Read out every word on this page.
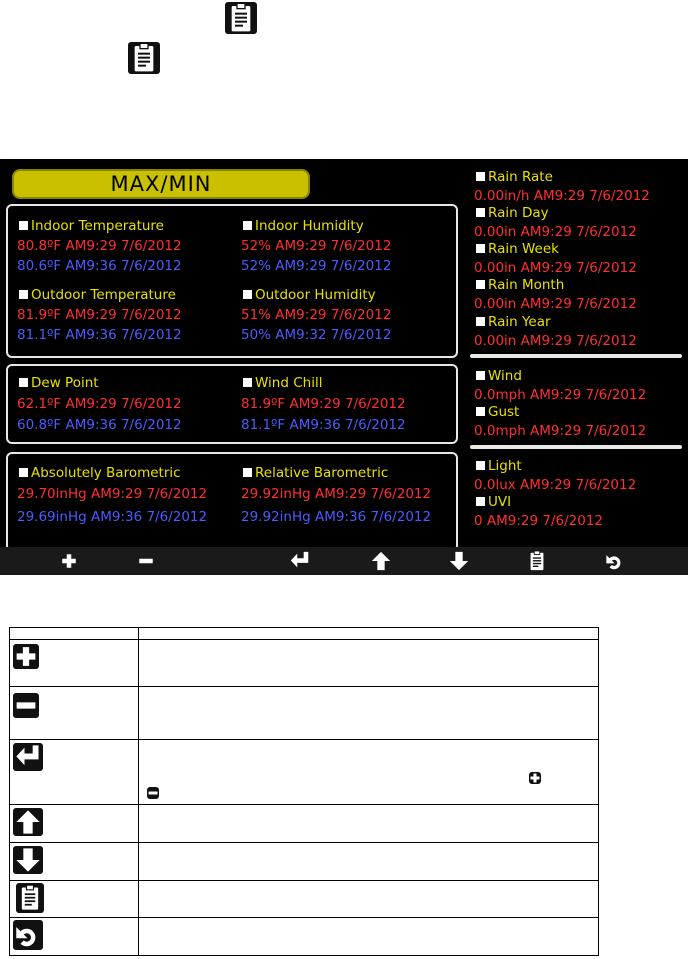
MAX/MIN
Indoor Temperature
80.8ºF AM9:29 7/6/2012
80.6ºF AM9:36 7/6/2012
Outdoor Temperature
81.9ºF AM9:29 7/6/2012
81.1ºF AM9:36 7/6/2012
Dew Point
62.1ºF AM9:29 7/6/2012
60.8ºF AM9:36 7/6/2012
Absolutely Barometric
29.70inHg AM9:29 7/6/2012
29.69inHg AM9:36 7/6/2012
Indoor Humidity
52% AM9:29 7/6/2012
52% AM9:29 7/6/2012
Outdoor Humidity
51% AM9:29 7/6/2012
50% AM9:32 7/6/2012
Wind Chill
81.9ºF AM9:29 7/6/2012
81.1ºF AM9:36 7/6/2012
Relative Barometric
29.92inHg AM9:29 7/6/2012
29.92inHg AM9:36 7/6/2012
Rain Rate
0.00in/h AM9:29 7/6/2012
Rain Day
0.00in AM9:29 7/6/2012
Rain Week
0.00in AM9:29 7/6/2012
Rain Month
0.00in AM9:29 7/6/2012
Rain Year
0.00in AM9:29 7/6/2012
Wind
0.0mph AM9:29 7/6/2012
Gust
0.0mph AM9:29 7/6/2012
Light
0.0lux AM9:29 7/6/2012
UVI
0 AM9:29 7/6/2012
